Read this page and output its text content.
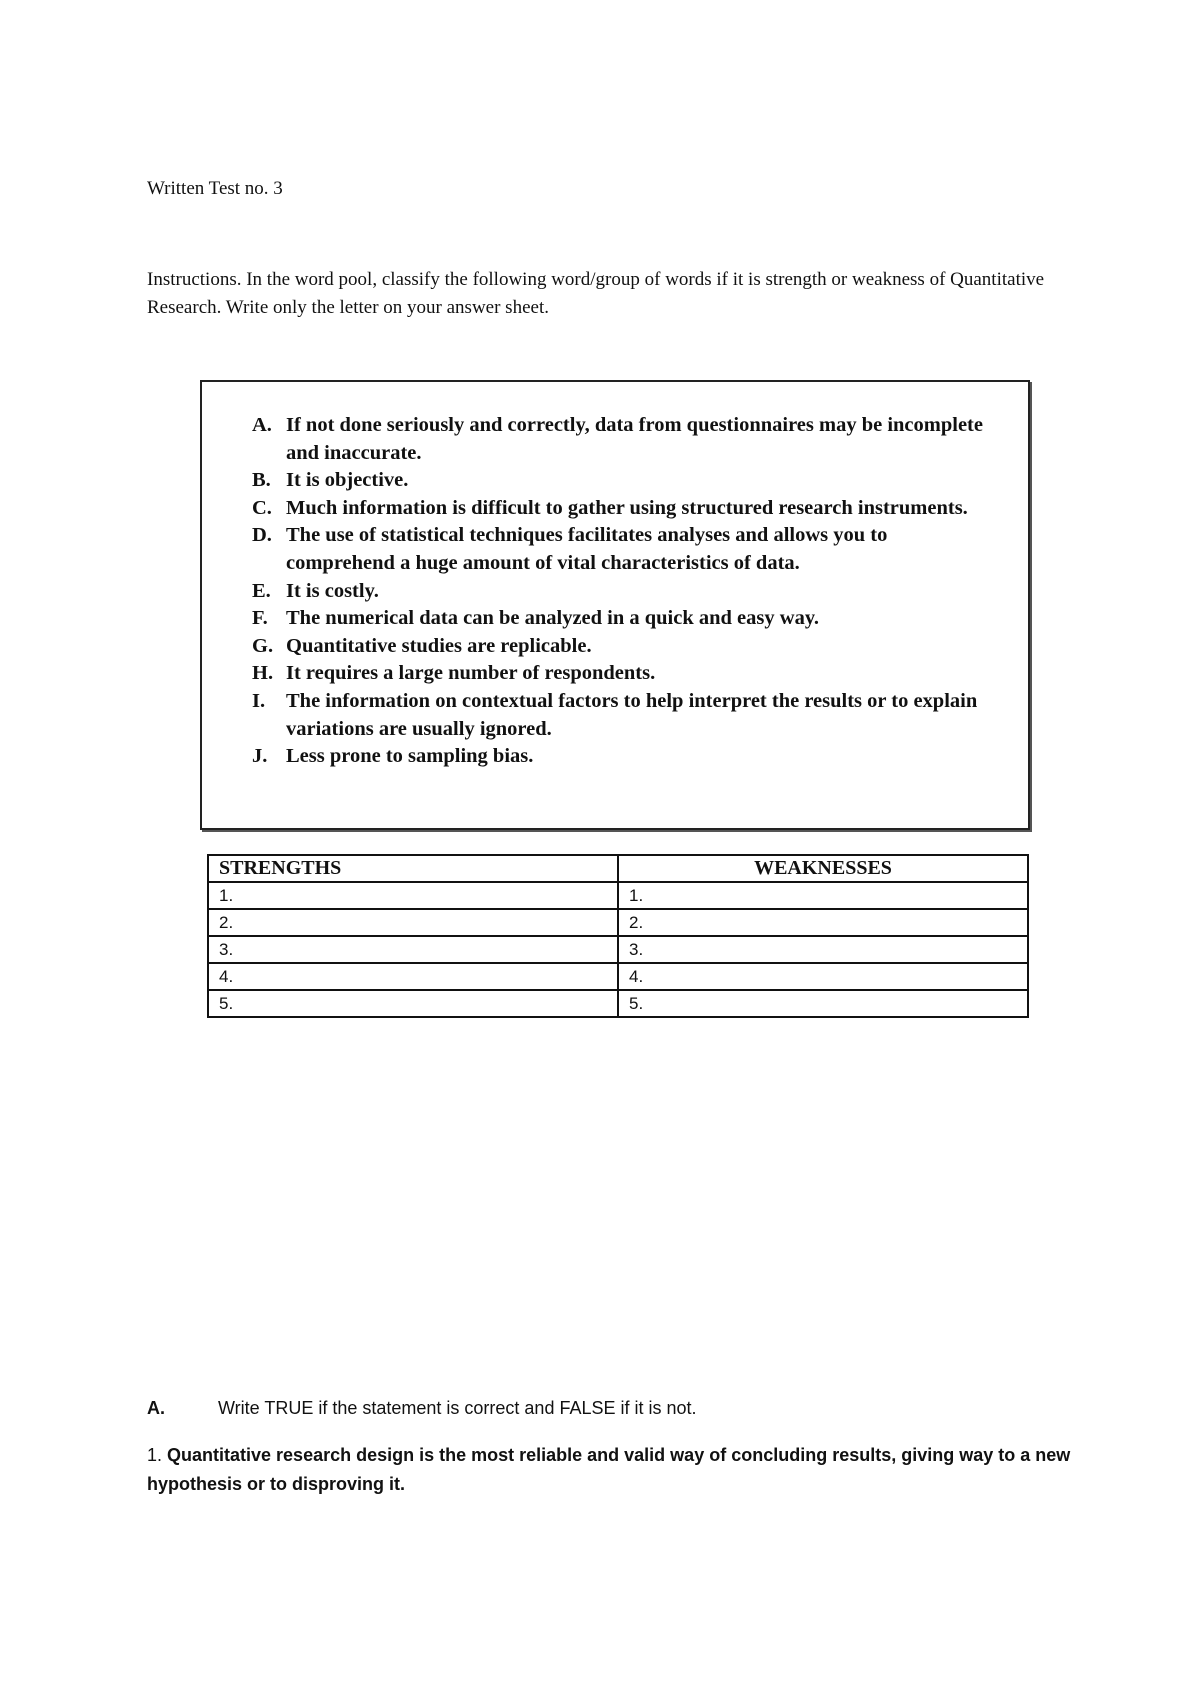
Written Test no. 3
Instructions. In the word pool, classify the following word/group of words if it is strength or weakness of Quantitative Research. Write only the letter on your answer sheet.
A. If not done seriously and correctly, data from questionnaires may be incomplete and inaccurate.
B. It is objective.
C. Much information is difficult to gather using structured research instruments.
D. The use of statistical techniques facilitates analyses and allows you to comprehend a huge amount of vital characteristics of data.
E. It is costly.
F. The numerical data can be analyzed in a quick and easy way.
G. Quantitative studies are replicable.
H. It requires a large number of respondents.
I.	The information on contextual factors to help interpret the results or to explain variations are usually ignored.
J. Less prone to sampling bias.
STRENGTHS	WEAKNESSES
1.	1.
2.	2.
3.	3.
4.	4.
5.	5.
A.	Write TRUE if the statement is correct and FALSE if it is not.
1. Quantitative research design is the most reliable and valid way of concluding results, giving way to a new hypothesis or to disproving it.
